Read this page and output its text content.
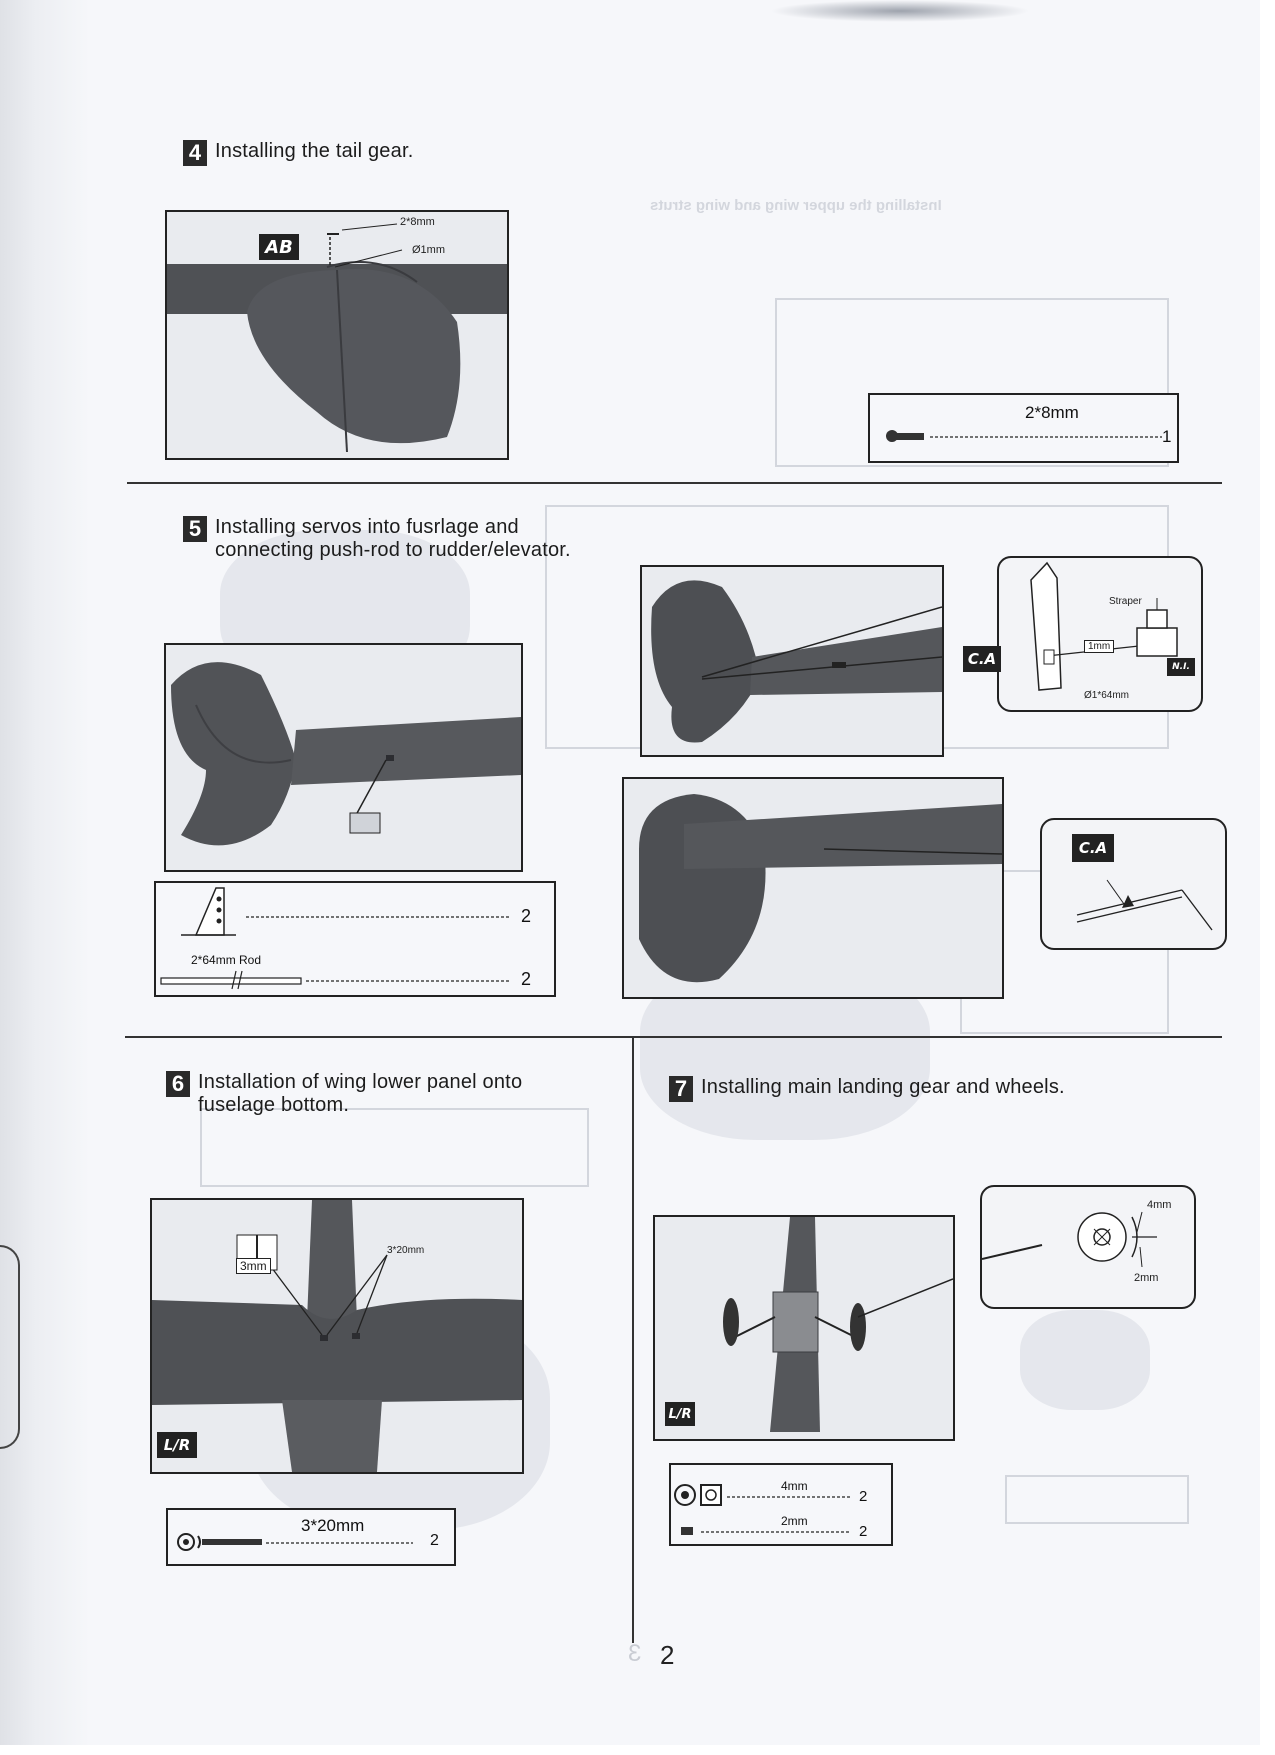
Installing the upper wing and wing struts
4 Installing the tail gear.
AB
2*8mm
Ø1mm
2*8mm
1
5 Installing servos into fusrlage and
connecting push-rod to rudder/elevator.
2
2*64mm Rod
2
Straper
1mm
Ø1*64mm
N.I.
C.A
C.A
6 Installation of wing lower panel onto
fuselage bottom.
3*20mm
3mm
L/R
3*20mm
2
7 Installing main landing gear and wheels.
L/R
4mm
2mm
4mm
2
2mm
2
3 2
